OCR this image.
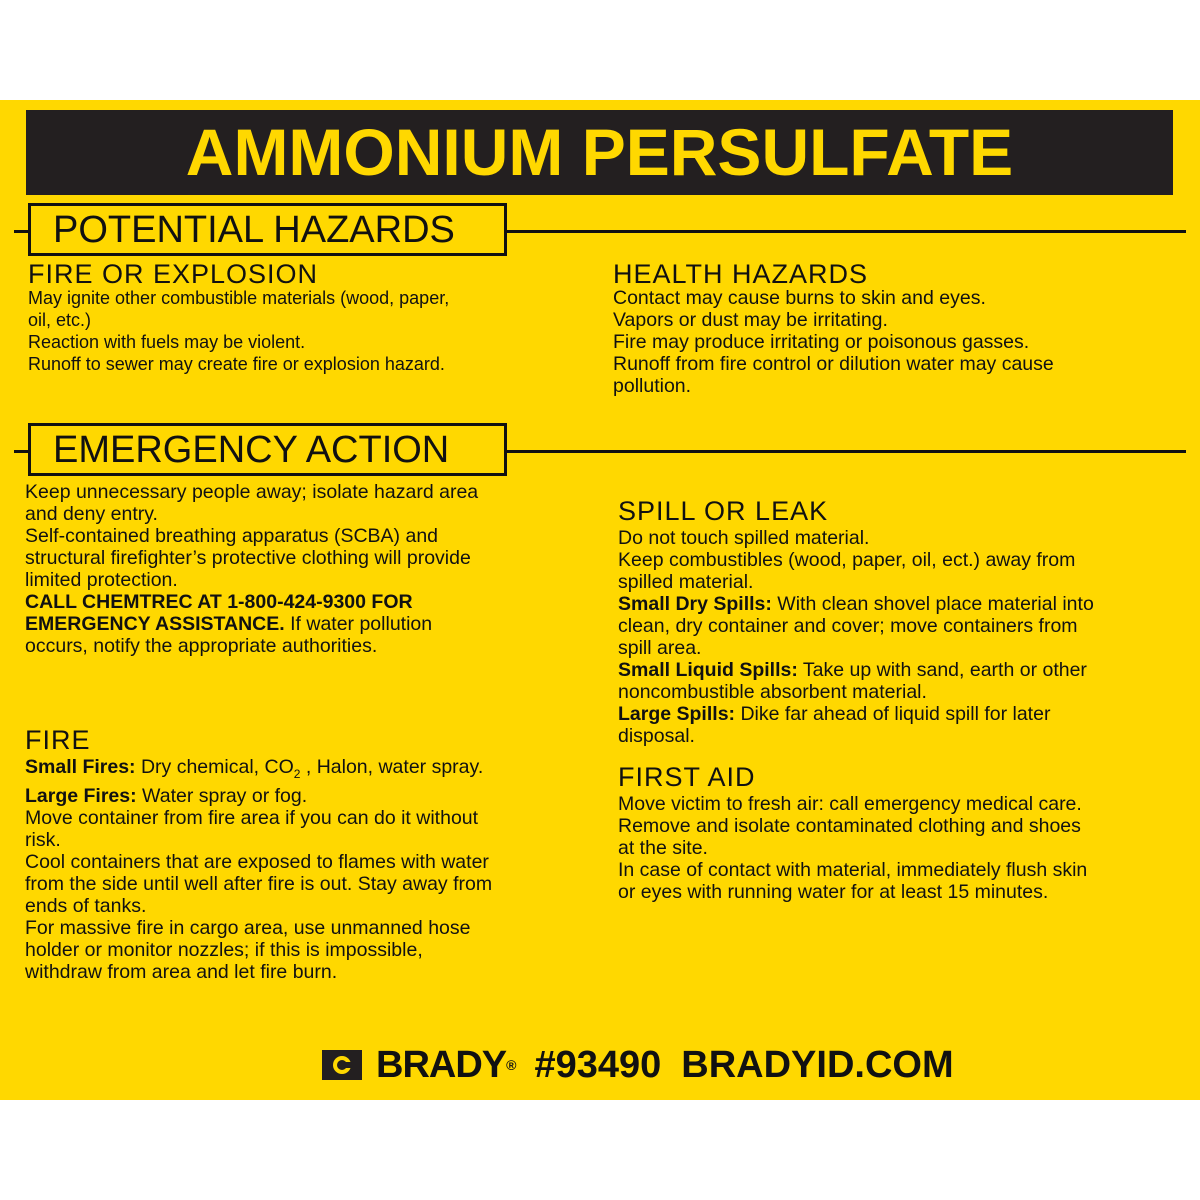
AMMONIUM PERSULFATE
POTENTIAL HAZARDS
FIRE OR EXPLOSION
May ignite other combustible materials (wood, paper,
oil, etc.)
Reaction with fuels may be violent.
Runoff to sewer may create fire or explosion hazard.
HEALTH HAZARDS
Contact may cause burns to skin and eyes.
Vapors or dust may be irritating.
Fire may produce irritating or poisonous gasses.
Runoff from fire control or dilution water may cause
pollution.
EMERGENCY ACTION
Keep unnecessary people away; isolate hazard area
and deny entry.
Self-contained breathing apparatus (SCBA) and
structural firefighter’s protective clothing will provide
limited protection.
CALL CHEMTREC AT 1-800-424-9300 FOR
EMERGENCY ASSISTANCE. If water pollution
occurs, notify the appropriate authorities.
FIRE
Small Fires: Dry chemical, $CO_2$ , Halon, water spray.
Large Fires: Water spray or fog.
Move container from fire area if you can do it without
risk.
Cool containers that are exposed to flames with water
from the side until well after fire is out. Stay away from
ends of tanks.
For massive fire in cargo area, use unmanned hose
holder or monitor nozzles; if this is impossible,
withdraw from area and let fire burn.
SPILL OR LEAK
Do not touch spilled material.
Keep combustibles (wood, paper, oil, ect.) away from
spilled material.
Small Dry Spills: With clean shovel place material into
clean, dry container and cover; move containers from
spill area.
Small Liquid Spills: Take up with sand, earth or other
noncombustible absorbent material.
Large Spills: Dike far ahead of liquid spill for later
disposal.
FIRST AID
Move victim to fresh air: call emergency medical care.
Remove and isolate contaminated clothing and shoes
at the site.
In case of contact with material, immediately flush skin
or eyes with running water for at least 15 minutes.
BRADY ® #93490 BRADYID.COM
